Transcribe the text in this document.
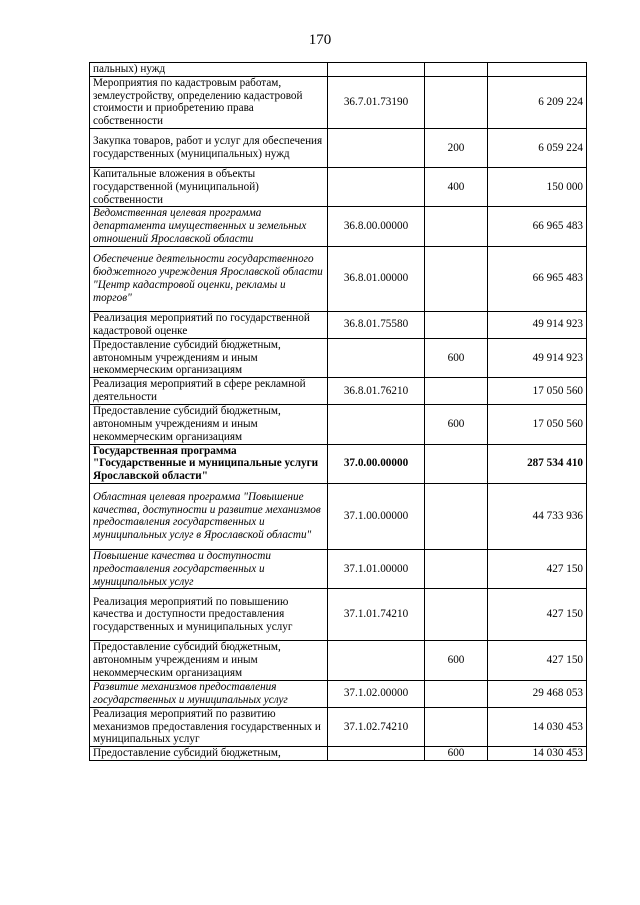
170
пальных) нужд			
Мероприятия по кадастровым работам, землеустройству, определению кадастровой стоимости и приобретению права собственности	36.7.01.73190		6 209 224
Закупка товаров, работ и услуг для обеспечения государственных (муниципальных) нужд		200	6 059 224
Капитальные вложения в объекты государственной (муниципальной) собственности		400	150 000
Ведомственная целевая программа департамента имущественных и земельных отношений Ярославской области	36.8.00.00000		66 965 483
Обеспечение деятельности государственного бюджетного учреждения Ярославской области "Центр кадастровой оценки, рекламы и торгов"	36.8.01.00000		66 965 483
Реализация мероприятий по государственной кадастровой оценке	36.8.01.75580		49 914 923
Предоставление субсидий бюджетным, автономным учреждениям и иным некоммерческим организациям		600	49 914 923
Реализация мероприятий в сфере рекламной деятельности	36.8.01.76210		17 050 560
Предоставление субсидий бюджетным, автономным учреждениям и иным некоммерческим организациям		600	17 050 560
Государственная программа "Государственные и муниципальные услуги Ярославской области"	37.0.00.00000		287 534 410
Областная целевая программа "Повышение качества, доступности и развитие механизмов предоставления государственных и муниципальных услуг в Ярославской области"	37.1.00.00000		44 733 936
Повышение качества и доступности предоставления государственных и муниципальных услуг	37.1.01.00000		427 150
Реализация мероприятий по повышению качества и доступности предоставления государственных и муниципальных услуг	37.1.01.74210		427 150
Предоставление субсидий бюджетным, автономным учреждениям и иным некоммерческим организациям		600	427 150
Развитие механизмов предоставления государственных и муниципальных услуг	37.1.02.00000		29 468 053
Реализация мероприятий по развитию механизмов предоставления государственных и муниципальных услуг	37.1.02.74210		14 030 453
Предоставление субсидий бюджетным,		600	14 030 453
